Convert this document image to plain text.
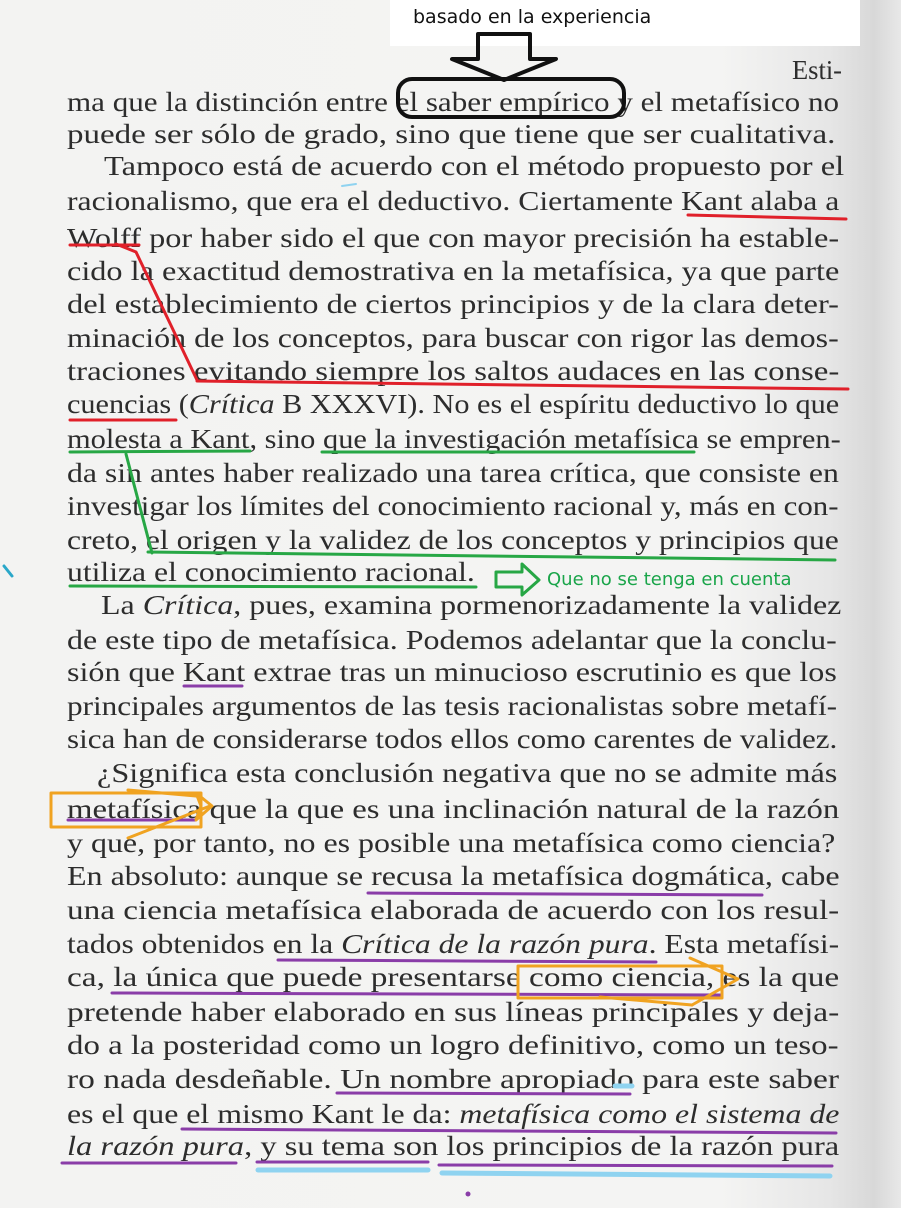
basado en la experiencia
Esti-
ma que la distinción entre el saber empírico y el metafísico no
puede ser sólo de grado, sino que tiene que ser cualitativa.
Tampoco está de acuerdo con el método propuesto por el
racionalismo, que era el deductivo. Ciertamente Kant alaba a
Wolff por haber sido el que con mayor precisión ha estable-
cido la exactitud demostrativa en la metafísica, ya que parte
del establecimiento de ciertos principios y de la clara deter-
minación de los conceptos, para buscar con rigor las demos-
traciones evitando siempre los saltos audaces en las conse-
cuencias (Crítica B XXXVI). No es el espíritu deductivo lo que
molesta a Kant, sino que la investigación metafísica se empren-
da sin antes haber realizado una tarea crítica, que consiste en
investigar los límites del conocimiento racional y, más en con-
creto, el origen y la validez de los conceptos y principios que
utiliza el conocimiento racional.
La Crítica, pues, examina pormenorizadamente la validez
de este tipo de metafísica. Podemos adelantar que la conclu-
sión que Kant extrae tras un minucioso escrutinio es que los
principales argumentos de las tesis racionalistas sobre metafí-
sica han de considerarse todos ellos como carentes de validez.
¿Significa esta conclusión negativa que no se admite más
metafísica que la que es una inclinación natural de la razón
y que, por tanto, no es posible una metafísica como ciencia?
En absoluto: aunque se recusa la metafísica dogmática, cabe
una ciencia metafísica elaborada de acuerdo con los resul-
tados obtenidos en la Crítica de la razón pura. Esta metafísi-
ca, la única que puede presentarse como ciencia, es la que
pretende haber elaborado en sus líneas principales y deja-
do a la posteridad como un logro definitivo, como un teso-
ro nada desdeñable. Un nombre apropiado para este saber
es el que el mismo Kant le da: metafísica como el sistema de
la razón pura, y su tema son los principios de la razón pura
Que no se tenga en cuenta
